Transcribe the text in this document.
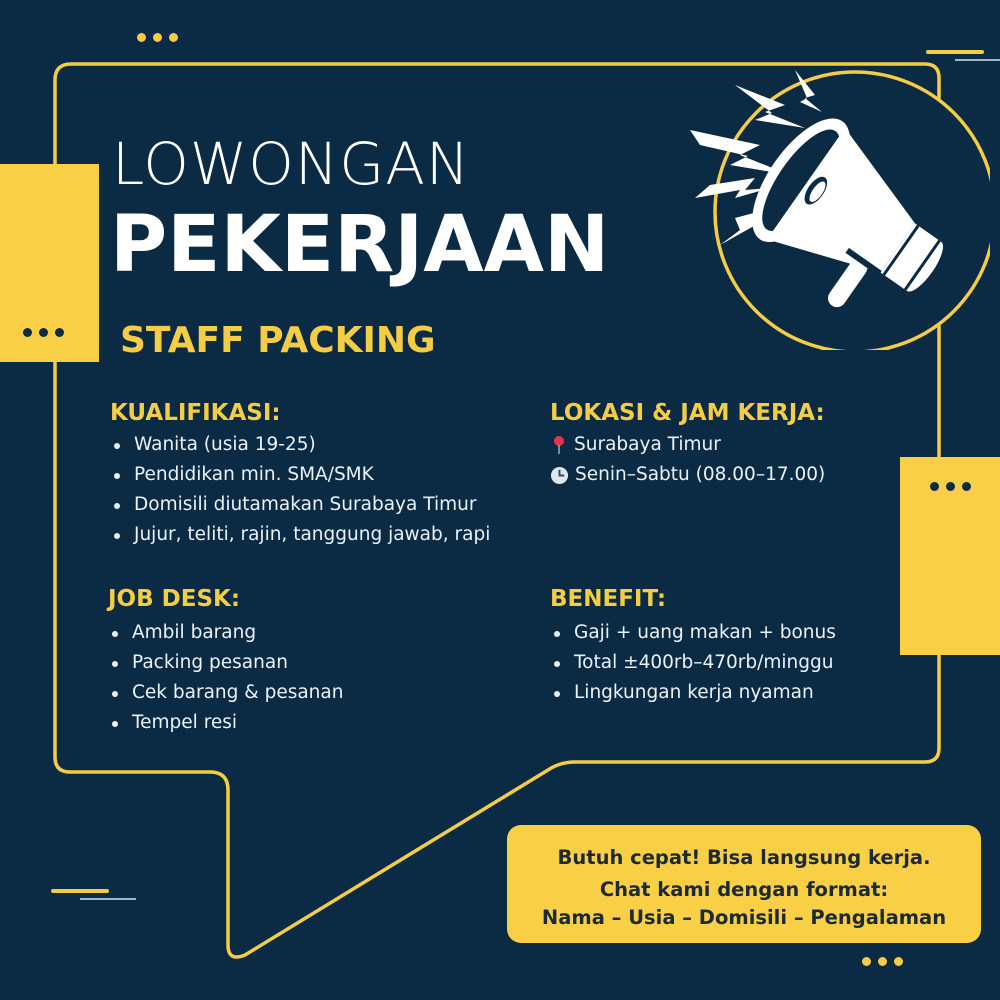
LOWONGAN
PEKERJAAN
STAFF PACKING
KUALIFIKASI:
Wanita (usia 19-25)
Pendidikan min. SMA/SMK
Domisili diutamakan Surabaya Timur
Jujur, teliti, rajin, tanggung jawab, rapi
LOKASI & JAM KERJA:
Surabaya Timur
Senin–Sabtu (08.00–17.00)
JOB DESK:
Ambil barang
Packing pesanan
Cek barang & pesanan
Tempel resi
BENEFIT:
Gaji + uang makan + bonus
Total ±400rb–470rb/minggu
Lingkungan kerja nyaman
Butuh cepat! Bisa langsung kerja.
Chat kami dengan format:
Nama – Usia – Domisili – Pengalaman
